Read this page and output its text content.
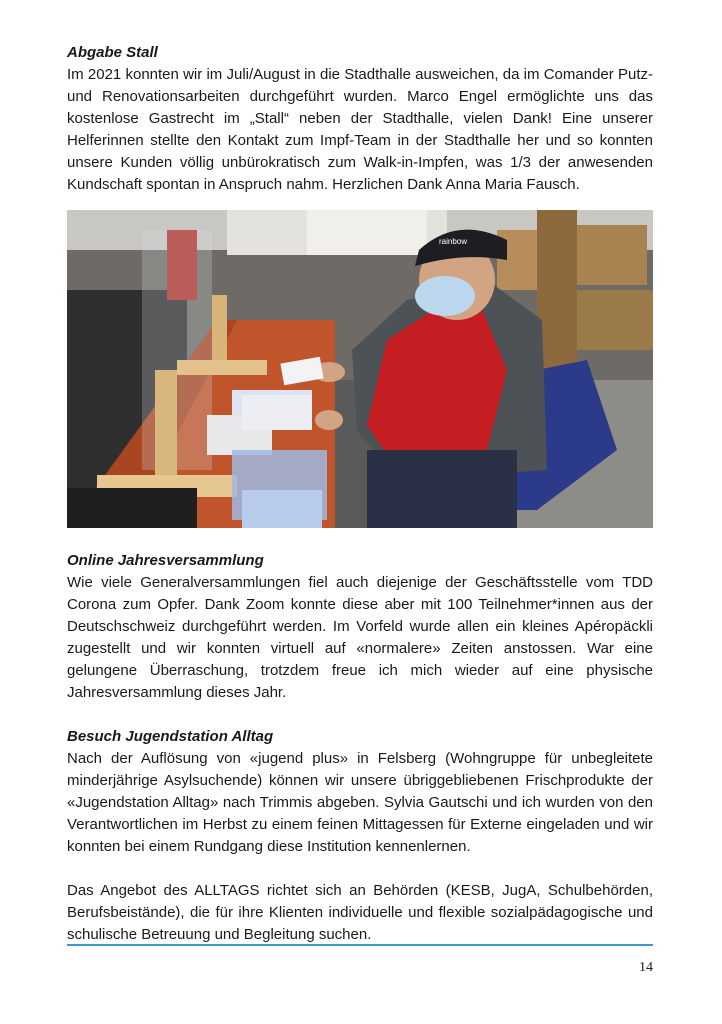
Abgabe Stall

Im 2021 konnten wir im Juli/August in die Stadthalle ausweichen, da im Comander Putz- und Renovationsarbeiten durchgeführt wurden. Marco Engel ermöglichte uns das kostenlose Gastrecht im „Stall“ neben der Stadthalle, vielen Dank! Eine unserer Helferinnen stellte den Kontakt zum Impf-Team in der Stadthalle her und so konnten unsere Kunden völlig unbürokratisch zum Walk-in-Impfen, was 1/3 der anwesenden Kundschaft spontan in Anspruch nahm. Herzlichen Dank Anna Maria Fausch.

rainbow
Online Jahresversammlung

Wie viele Generalversammlungen fiel auch diejenige der Geschäftsstelle vom TDD Corona zum Opfer. Dank Zoom konnte diese aber mit 100 Teilnehmer*innen aus der Deutschschweiz durchgeführt werden. Im Vorfeld wurde allen ein kleines Apéropäckli zugestellt und wir konnten virtuell auf «normalere» Zeiten anstossen. War eine gelungene Überraschung, trotzdem freue ich mich wieder auf eine physische Jahresversammlung dieses Jahr.

Besuch Jugendstation Alltag

Nach der Auflösung von «jugend plus» in Felsberg (Wohngruppe für unbegleitete minderjährige Asylsuchende) können wir unsere übriggebliebenen Frischprodukte der «Jugendstation Alltag» nach Trimmis abgeben. Sylvia Gautschi und ich wurden von den Verantwortlichen im Herbst zu einem feinen Mittagessen für Externe eingeladen und wir konnten bei einem Rundgang diese Institution kennenlernen.

Das Angebot des ALLTAGS richtet sich an Behörden (KESB, JugA, Schulbehörden, Berufsbeistände), die für ihre Klienten individuelle und flexible sozialpädagogische und schulische Betreuung und Begleitung suchen.

14
